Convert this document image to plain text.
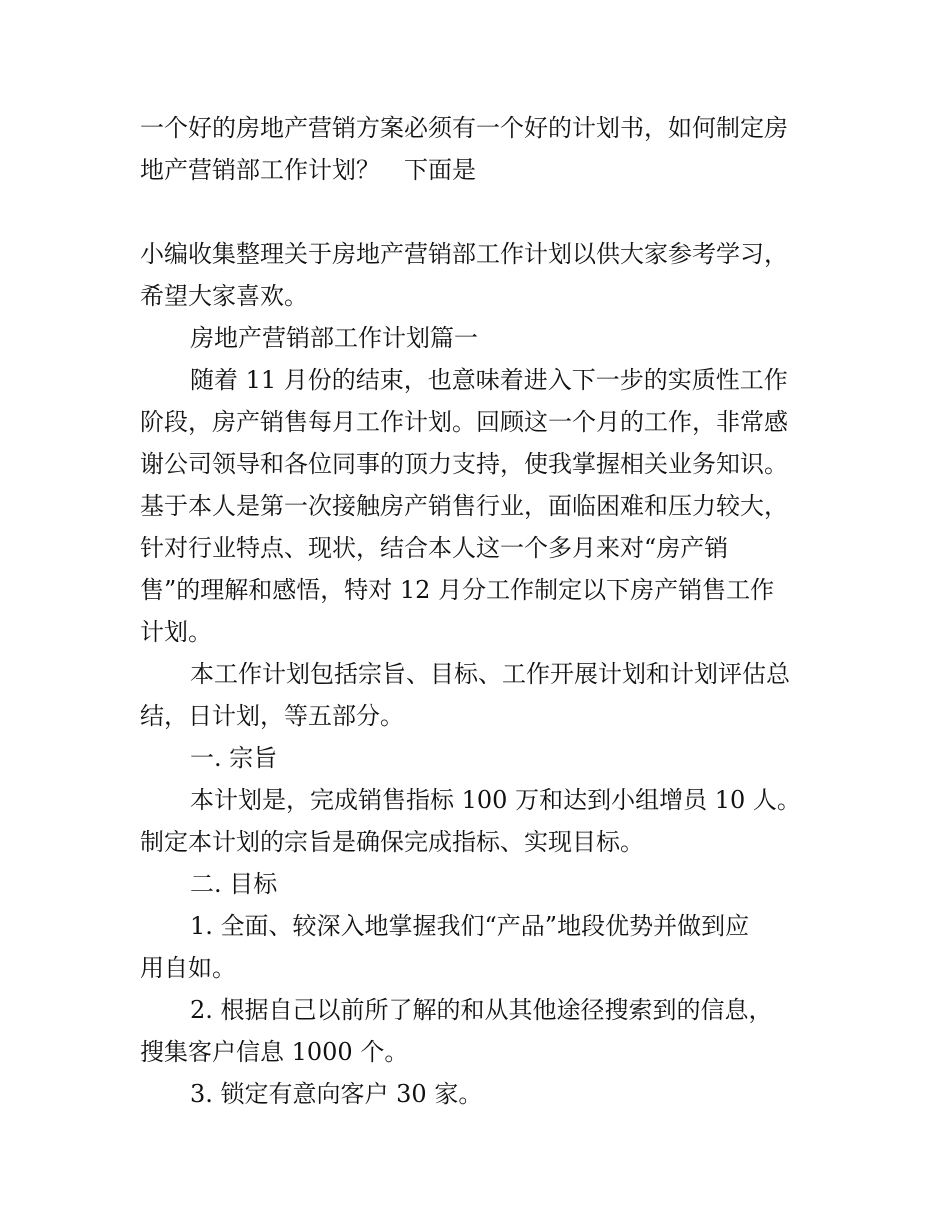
一个好的房地产营销方案必须有一个好的计划书，如何制定房
地产营销部工作计划？　下面是
小编收集整理关于房地产营销部工作计划以供大家参考学习，
希望大家喜欢。
房地产营销部工作计划篇一
随着 11 月份的结束，也意味着进入下一步的实质性工作
阶段，房产销售每月工作计划。回顾这一个月的工作，非常感
谢公司领导和各位同事的顶力支持，使我掌握相关业务知识。
基于本人是第一次接触房产销售行业，面临困难和压力较大，
针对行业特点、现状，结合本人这一个多月来对“房产销
售”的理解和感悟，特对 12 月分工作制定以下房产销售工作
计划。
本工作计划包括宗旨、目标、工作开展计划和计划评估总
结，日计划，等五部分。
一. 宗旨
本计划是，完成销售指标 100 万和达到小组增员 10 人。
制定本计划的宗旨是确保完成指标、实现目标。
二. 目标
1. 全面、较深入地掌握我们“产品”地段优势并做到应
用自如。
2. 根据自己以前所了解的和从其他途径搜索到的信息，
搜集客户信息 1000 个。
3. 锁定有意向客户 30 家。
